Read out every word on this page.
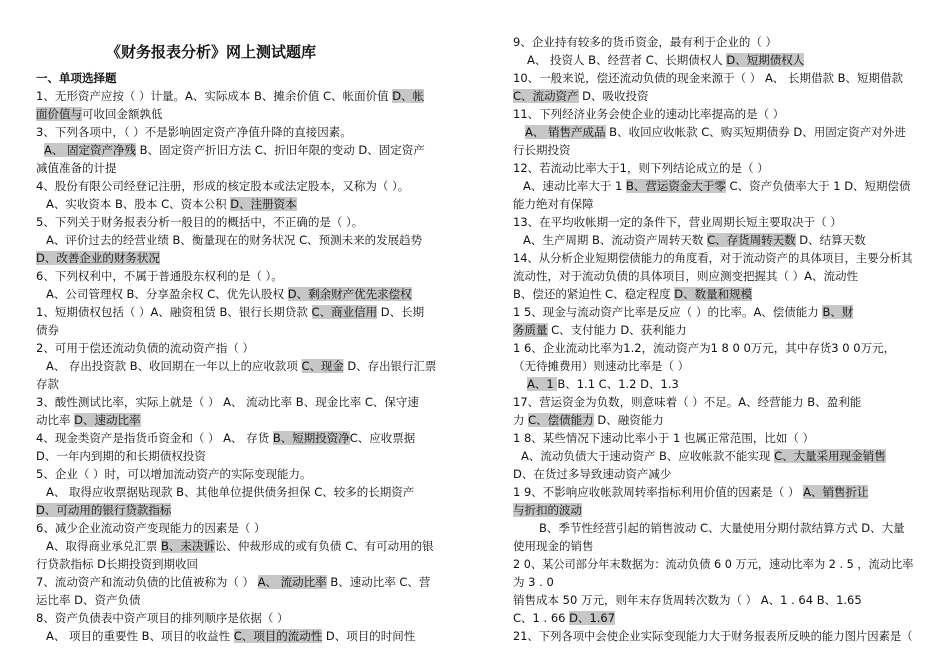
《财务报表分析》网上测试题库
一、单项选择题
1、无形资产应按（ ）计量。A、实际成本 B、摊余价值 C、帐面价值 D、帐
面价值与可收回金额孰低
3、下列各项中，（ ）不是影响固定资产净值升降的直接因素。
A、 固定资产净残 B、固定资产折旧方法 C、折旧年限的变动 D、固定资产
减值准备的计提
4、股份有限公司经登记注册，形成的核定股本或法定股本，又称为（ ）。
A、实收资本 B、股本 C、资本公积 D、注册资本
5、下列关于财务报表分析一般目的的概括中，不正确的是（ ）。
A、评价过去的经营业绩 B、衡量现在的财务状况 C、预测未来的发展趋势
D、改善企业的财务状况
6、下列权利中，不属于普通股东权利的是（ ）。
A、公司管理权 B、分享盈余权 C、优先认股权 D、剩余财产优先求偿权
1、短期债权包括（ ）A、融资租赁 B、银行长期贷款 C、商业信用 D、长期
债券
2、可用于偿还流动负债的流动资产指（ ）
A、 存出投资款 B、收回期在一年以上的应收款项 C、现金 D、存出银行汇票
存款
3、酸性测试比率，实际上就是（ ） A、 流动比率 B、现金比率 C、保守速
动比率 D、速动比率
4、现金类资产是指货币资金和（ ） A、 存货 B、短期投资净C、应收票据
D、一年内到期的和长期债权投资
5、企业（ ）时，可以增加流动资产的实际变现能力。
A、 取得应收票据贴现款 B、其他单位提供债务担保 C、较多的长期资产
D、可动用的银行贷款指标
6、减少企业流动资产变现能力的因素是（ ）
A、取得商业承兑汇票 B、未决诉讼、仲裁形成的或有负债 C、有可动用的银
行贷款指标 D长期投资到期收回
7、流动资产和流动负债的比值被称为（ ） A、 流动比率 B、速动比率 C、营
运比率 D、资产负债
8、资产负债表中资产项目的排列顺序是依据（ ）
A、 项目的重要性 B、项目的收益性 C、项目的流动性 D、项目的时间性
9、企业持有较多的货币资金，最有利于企业的（ ）
A、 投资人 B、经营者 C、长期债权人 D、短期债权人
10、一般来说，偿还流动负债的现金来源于（ ） A、 长期借款 B、短期借款
C、流动资产 D、吸收投资
11、下列经济业务会使企业的速动比率提高的是（ ）
A、 销售产成品 B、收回应收帐款 C、购买短期债券 D、用固定资产对外进
行长期投资
12、若流动比率大于1，则下列结论成立的是（ ）
A、速动比率大于 1 B、营运资金大于零 C、资产负债率大于 1 D、短期偿债
能力绝对有保障
13、在平均收帐期一定的条件下，营业周期长短主要取决于（ ）
A、生产周期 B、流动资产周转天数 C、存货周转天数 D、结算天数
14、从分析企业短期偿债能力的角度看，对于流动资产的具体项目，主要分析其
流动性，对于流动负债的具体项目，则应测变把握其（ ）A、流动性
B、偿还的紧迫性 C、稳定程度 D、数量和规模
1 5、现金与流动资产比率是反应（ ）的比率。A、偿债能力 B、财
务质量 C、支付能力 D、获利能力
1 6、企业流动比率为1.2，流动资产为1 8 0 0万元，其中存货3 0 0万元，
（无待摊费用）则速动比率是（ ）
A、1 B、1.1 C、1.2 D、1.3
17、营运资金为负数，则意味着（ ）不足。A、经营能力 B、盈利能
力 C、偿债能力 D、融资能力
1 8、某些情况下速动比率小于 1 也属正常范围，比如（ ）
A、流动负债大于速动资产 B、应收帐款不能实现 C、大量采用现金销售
D、在货过多导致速动资产减少
1 9、不影响应收帐款周转率指标利用价值的因素是（ ） A、销售折让
与折扣的波动
B、季节性经营引起的销售波动 C、大量使用分期付款结算方式 D、大量
使用现金的销售
2 0、某公司部分年末数据为：流动负债 6 0 万元，速动比率为 2 . 5 ，流动比率
为 3 . 0
销售成本 50 万元，则年末存货周转次数为（ ） A、1 . 64 B、1.65
C、1 . 66 D、1.67
21、下列各项中会使企业实际变现能力大于财务报表所反映的能力图片因素是（
